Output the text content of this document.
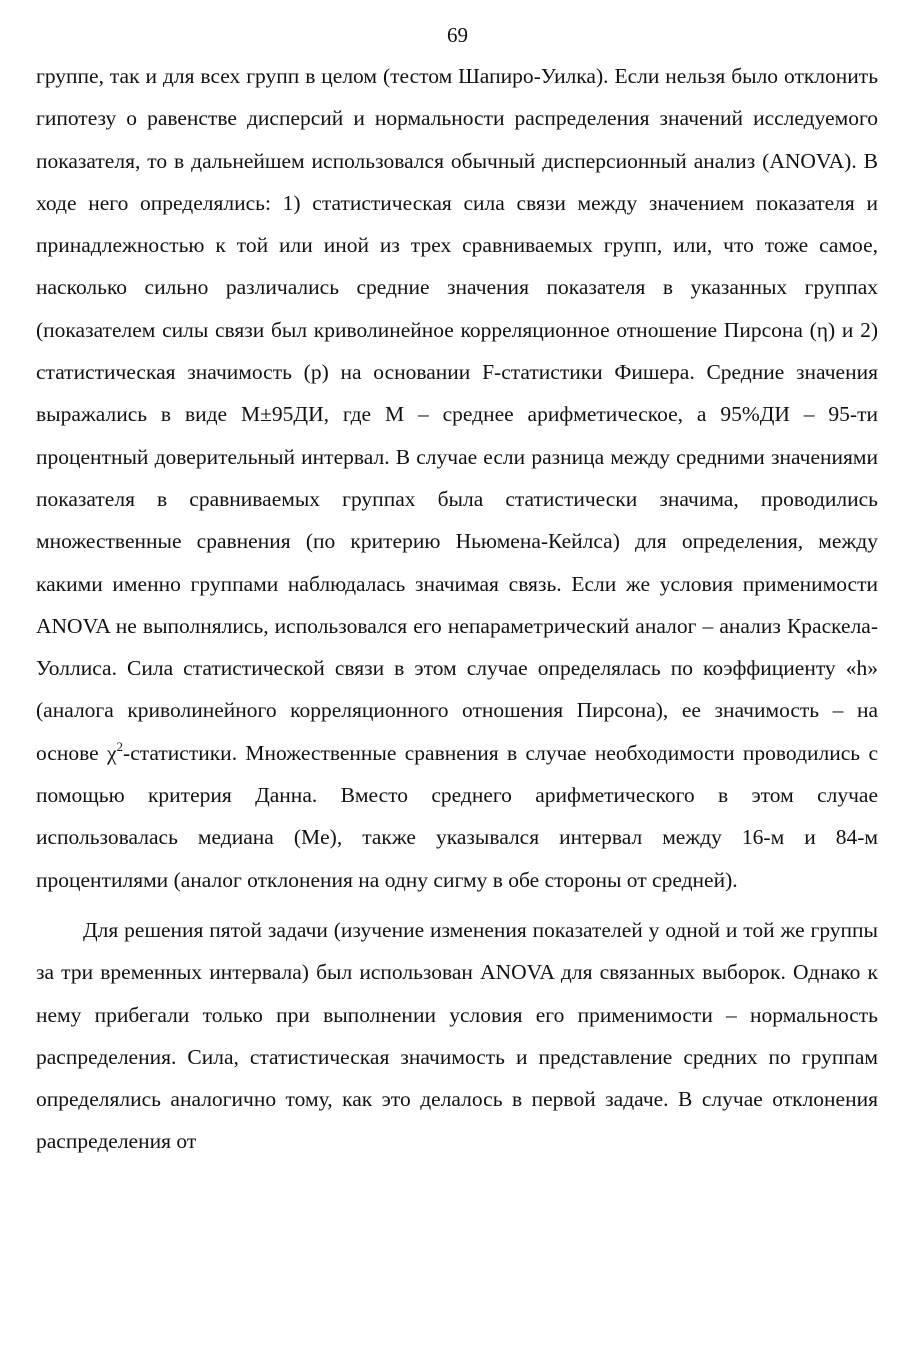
69

группе, так и для всех групп в целом (тестом Шапиро-Уилка). Если нельзя было отклонить гипотезу о равенстве дисперсий и нормальности распределения значений исследуемого показателя, то в дальнейшем использовался обычный дисперсионный анализ (ANOVA). В ходе него определялись: 1) статистическая сила связи между значением показателя и принадлежностью к той или иной из трех сравниваемых групп, или, что тоже самое, насколько сильно различались средние значения показателя в указанных группах (показателем силы связи был криволинейное корреляционное отношение Пирсона (η) и 2) статистическая значимость (р) на основании F-статистики Фишера. Средние значения выражались в виде M±95ДИ, где М – среднее арифметическое, а 95%ДИ – 95-ти процентный доверительный интервал. В случае если разница между средними значениями показателя в сравниваемых группах была статистически значима, проводились множественные сравнения (по критерию Ньюмена-Кейлса) для определения, между какими именно группами наблюдалась значимая связь. Если же условия применимости ANOVA не выполнялись, использовался его непараметрический аналог – анализ Краскела-Уоллиса. Сила статистической связи в этом случае определялась по коэффициенту «h» (аналога криволинейного корреляционного отношения Пирсона), ее значимость – на основе $\chi^2$-статистики. Множественные сравнения в случае необходимости проводились с помощью критерия Данна. Вместо среднего арифметического в этом случае использовалась медиана (Me), также указывался интервал между 16-м и 84-м процентилями (аналог отклонения на одну сигму в обе стороны от средней).

Для решения пятой задачи (изучение изменения показателей у одной и той же группы за три временных интервала) был использован ANOVA для связанных выборок. Однако к нему прибегали только при выполнении условия его применимости – нормальность распределения. Сила, статистическая значимость и представление средних по группам определялись аналогично тому, как это делалось в первой задаче. В случае отклонения распределения от
